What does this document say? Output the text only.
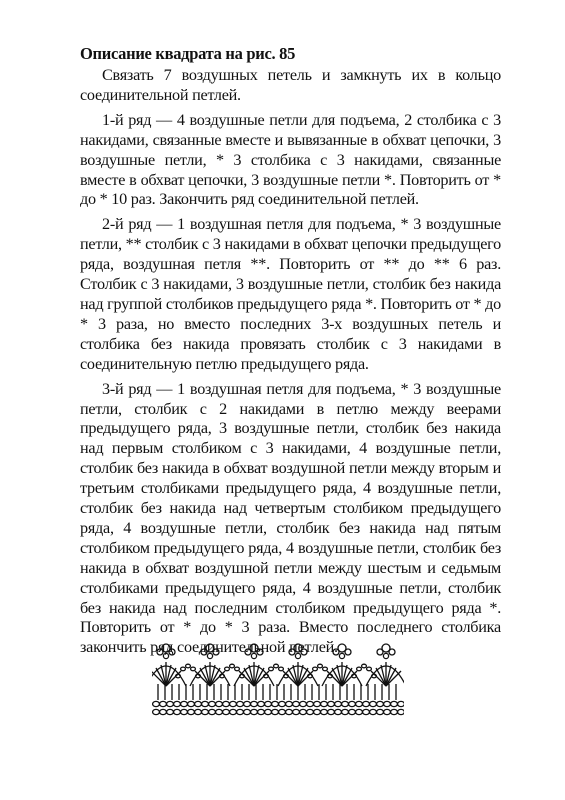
Описание квадрата на рис. 85

Связать 7 воздушных петель и замкнуть их в кольцо соединительной петлей.

1-й ряд — 4 воздушные петли для подъема, 2 столбика с 3 накидами, связанные вместе и вывязанные в обхват цепочки, 3 воздушные петли, * 3 столбика с 3 накидами, связанные вместе в обхват цепочки, 3 воздушные петли *. Повторить от * до * 10 раз. Закончить ряд соединительной петлей.

2-й ряд — 1 воздушная петля для подъема, * 3 воздушные петли, ** столбик с 3 накидами в обхват цепочки предыдущего ряда, воздушная петля **. Повторить от ** до ** 6 раз. Столбик с 3 накидами, 3 воздушные петли, столбик без накида над группой столбиков предыдущего ряда *. Повторить от * до * 3 раза, но вместо последних 3-х воздушных петель и столбика без накида провязать столбик с 3 накидами в соединительную петлю предыдущего ряда.

3-й ряд — 1 воздушная петля для подъема, * 3 воздушные петли, столбик с 2 накидами в петлю между веерами предыдущего ряда, 3 воздушные петли, столбик без накида над первым столбиком с 3 накидами, 4 воздушные петли, столбик без накида в обхват воздушной петли между вторым и третьим столбиками предыдущего ряда, 4 воздушные петли, столбик без накида над четвертым столбиком предыдущего ряда, 4 воздушные петли, столбик без накида над пятым столбиком предыдущего ряда, 4 воздушные петли, столбик без накида в обхват воздушной петли между шестым и седьмым столбиками предыдущего ряда, 4 воздушные петли, столбик без накида над последним столбиком предыдущего ряда *. Повторить от * до * 3 раза. Вместо последнего столбика закончить ряд соединительной петлей.
